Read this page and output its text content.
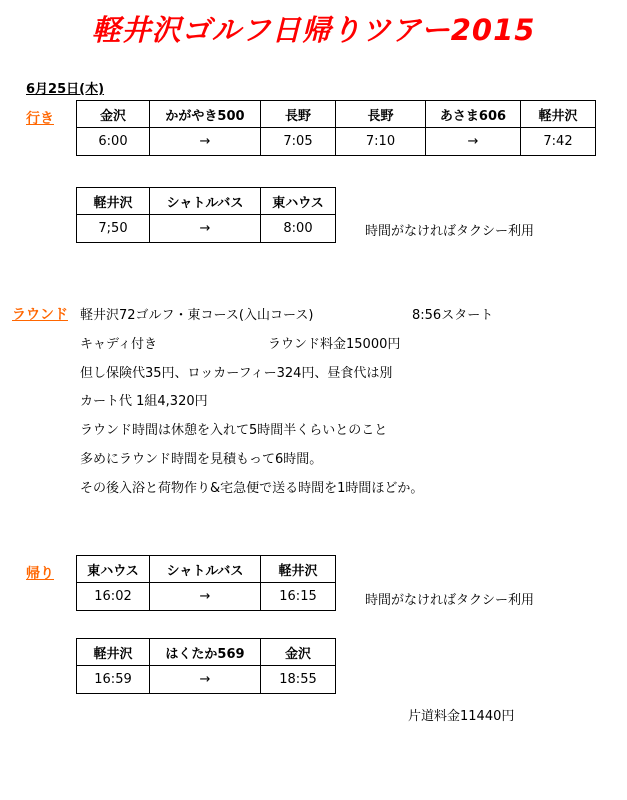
軽井沢ゴルフ日帰りツアー2015
6月25日(木)
行き	金沢	かがやき500	長野	長野	あさま606	軽井沢
6:00	→	7:05	7:10	→	7:42
軽井沢	シャトルバス	東ハウス
7;50	→	8:00	時間がなければタクシー利用
ラウンド 軽井沢72ゴルフ・東コース(入山コース)	8:56スタート
キャディ付き	ラウンド料金15000円
但し保険代35円、ロッカーフィー324円、昼食代は別
カート代 1組4,320円
ラウンド時間は休憩を入れて5時間半くらいとのこと
多めにラウンド時間を見積もって6時間。
その後入浴と荷物作り&宅急便で送る時間を1時間ほどか。
帰り	東ハウス	シャトルバス	軽井沢
16:02	→	16:15	時間がなければタクシー利用
軽井沢	はくたか569	金沢
16:59	→	18:55
片道料金11440円
